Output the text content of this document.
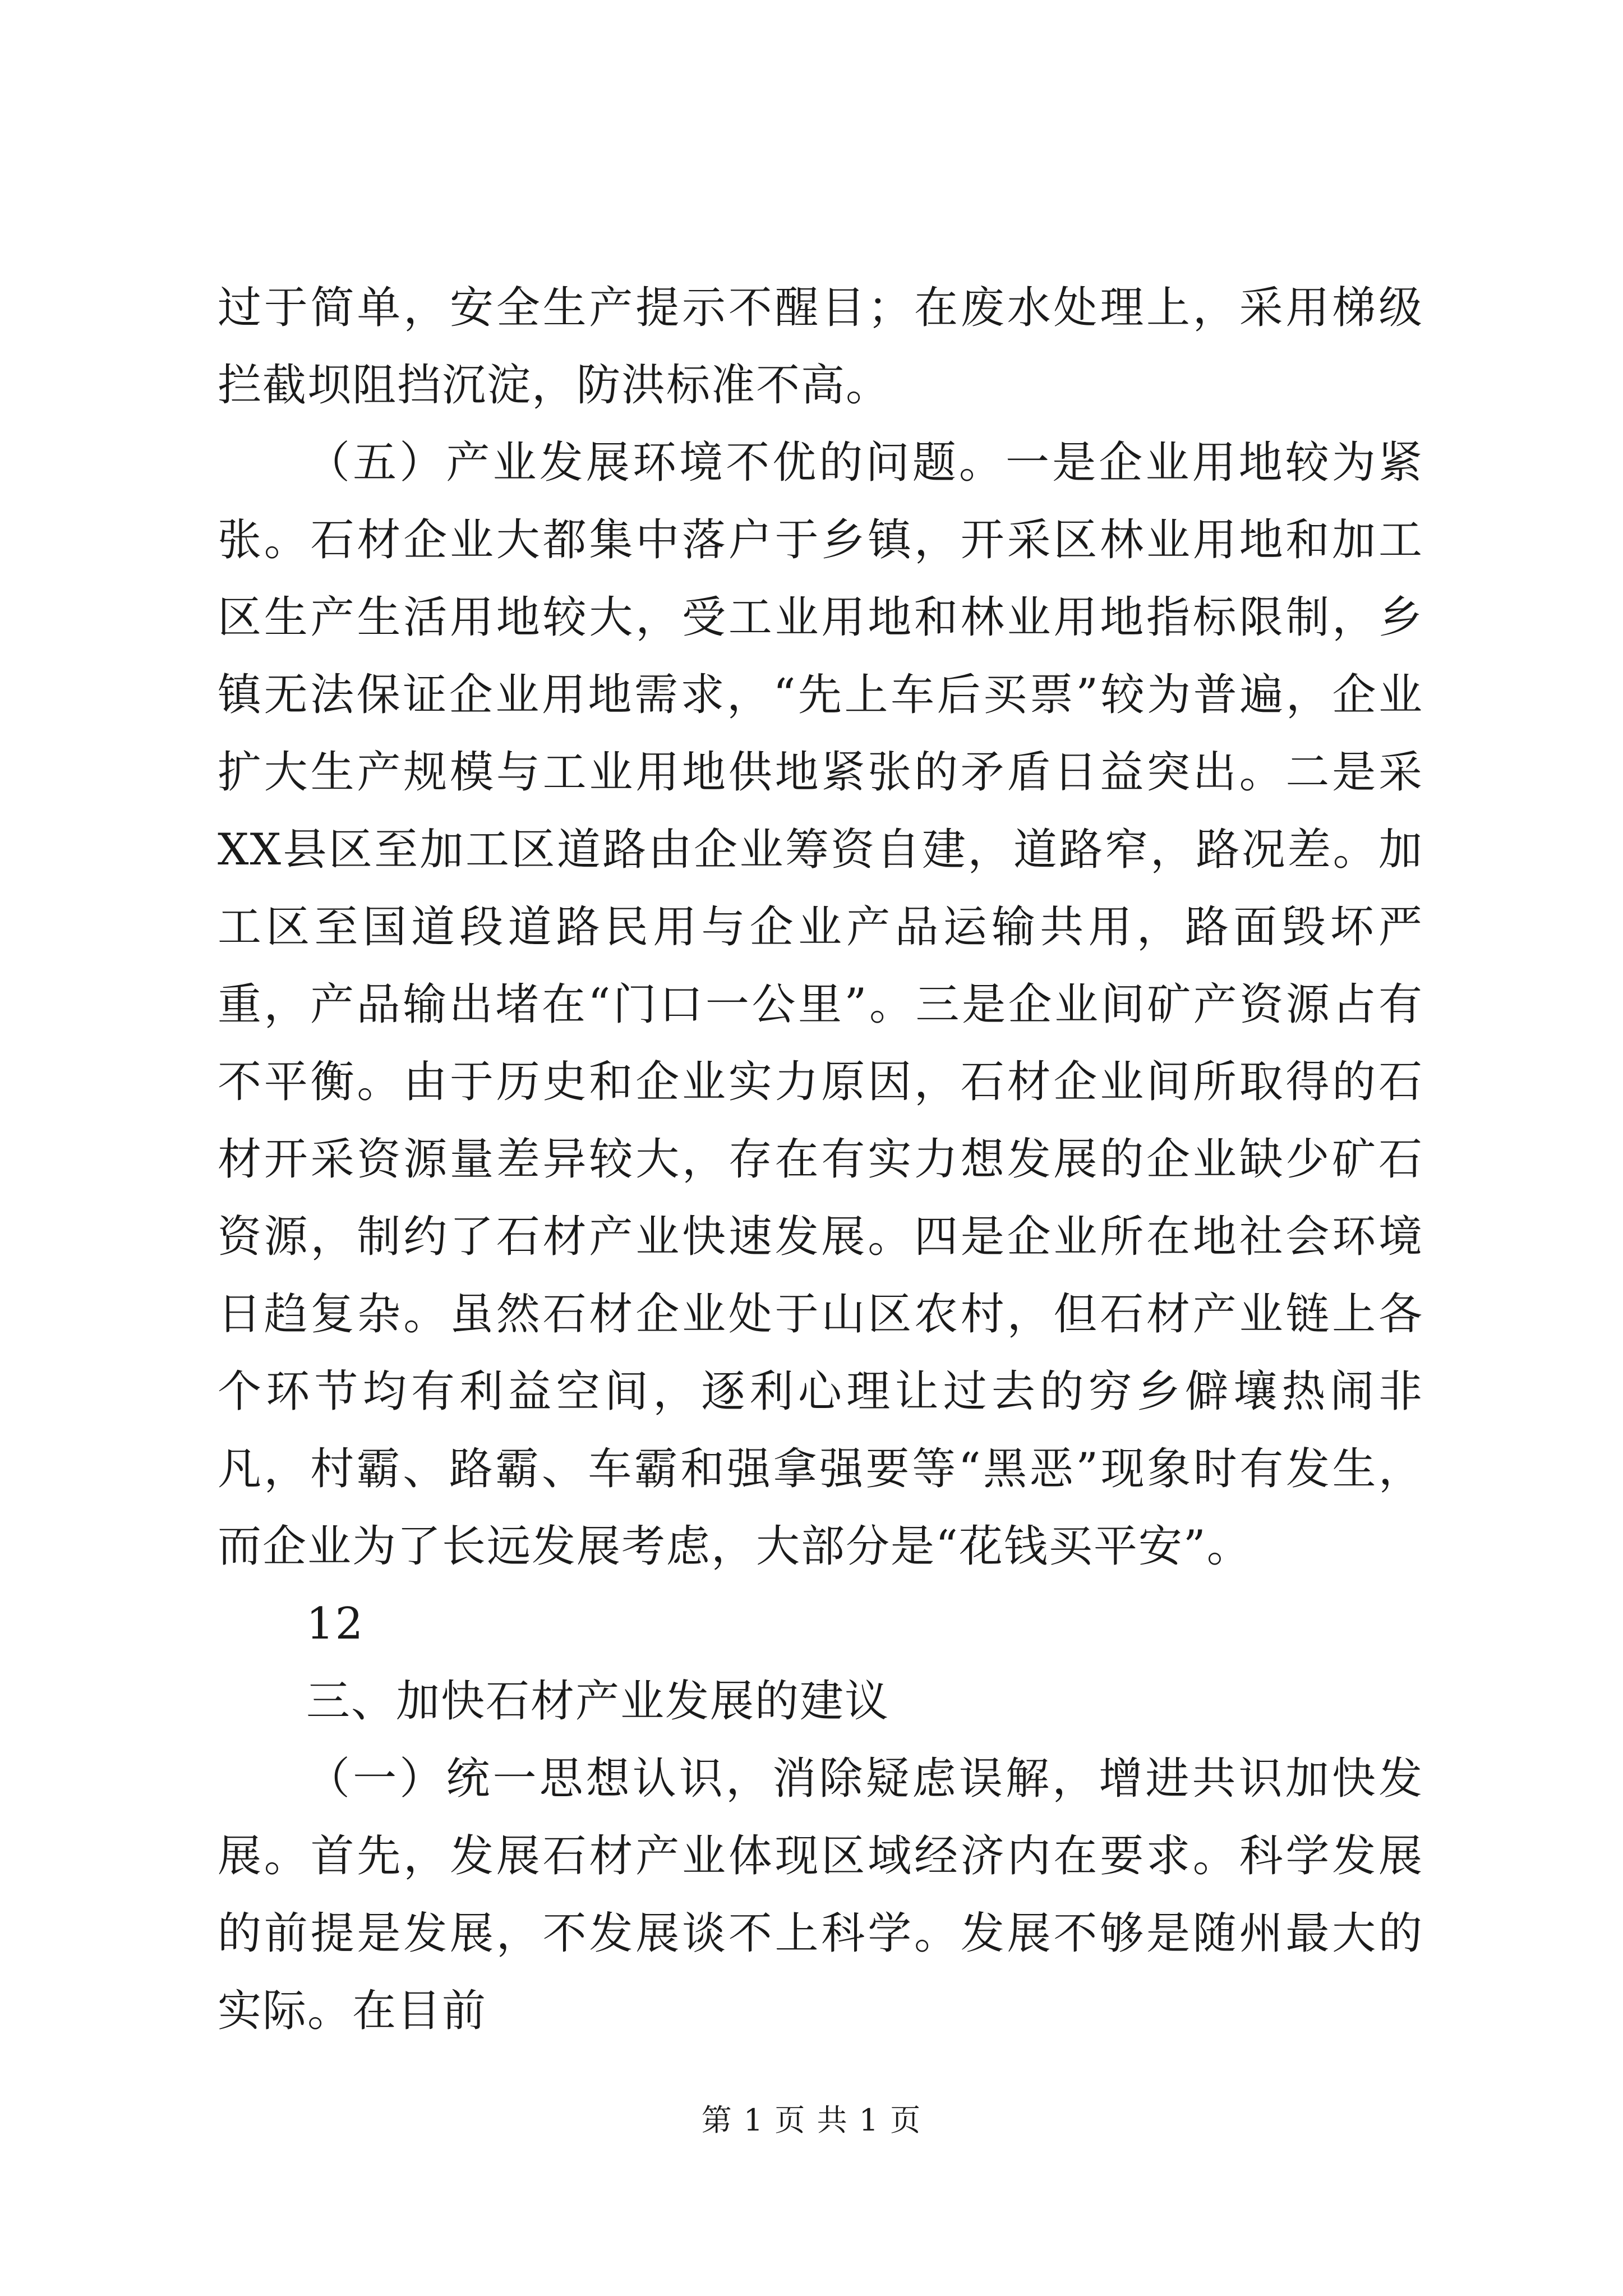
过于简单，安全生产提示不醒目；在废水处理上，采用梯级拦截坝阻挡沉淀，防洪标准不高。

（五）产业发展环境不优的问题。一是企业用地较为紧张。石材企业大都集中落户于乡镇，开采区林业用地和加工区生产生活用地较大，受工业用地和林业用地指标限制，乡镇无法保证企业用地需求，“先上车后买票”较为普遍，企业扩大生产规模与工业用地供地紧张的矛盾日益突出。二是采XX县区至加工区道路由企业筹资自建，道路窄，路况差。加工区至国道段道路民用与企业产品运输共用，路面毁坏严重，产品输出堵在“门口一公里”。三是企业间矿产资源占有不平衡。由于历史和企业实力原因，石材企业间所取得的石材开采资源量差异较大，存在有实力想发展的企业缺少矿石资源，制约了石材产业快速发展。四是企业所在地社会环境日趋复杂。虽然石材企业处于山区农村，但石材产业链上各个环节均有利益空间，逐利心理让过去的穷乡僻壤热闹非凡，村霸、路霸、车霸和强拿强要等“黑恶”现象时有发生，而企业为了长远发展考虑，大部分是“花钱买平安”。

12

三、加快石材产业发展的建议

（一）统一思想认识，消除疑虑误解，增进共识加快发展。首先，发展石材产业体现区域经济内在要求。科学发展的前提是发展，不发展谈不上科学。发展不够是随州最大的实际。在目前

第 1 页 共 1 页
